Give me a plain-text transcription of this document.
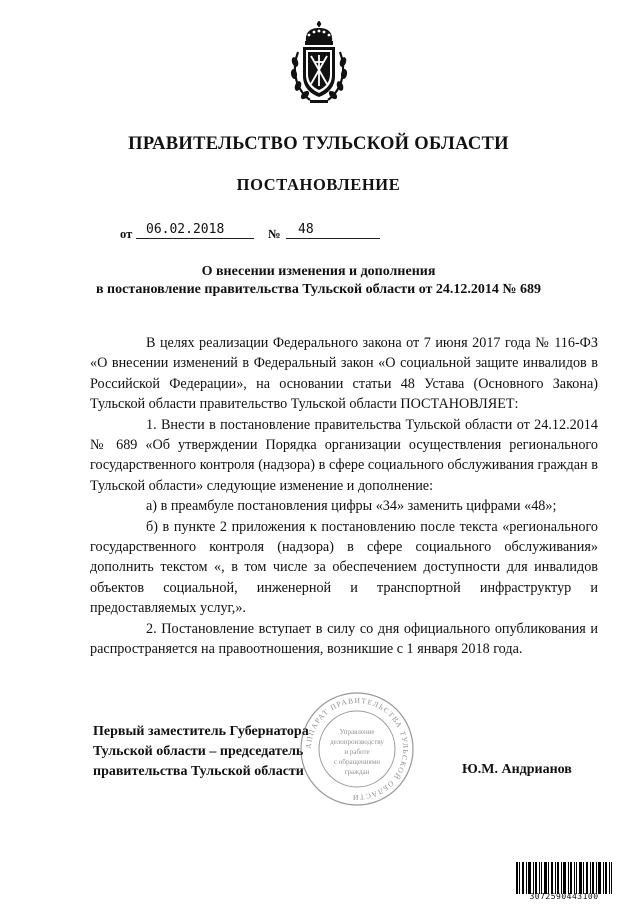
ПРАВИТЕЛЬСТВО ТУЛЬСКОЙ ОБЛАСТИ
ПОСТАНОВЛЕНИЕ
от 06.02.2018	№ 48
О внесении изменения и дополнения
в постановление правительства Тульской области от 24.12.2014 № 689

В целях реализации Федерального закона от 7 июня 2017 года № 116-ФЗ «О внесении изменений в Федеральный закон «О социальной защите инвалидов в Российской Федерации», на основании статьи 48 Устава (Основного Закона) Тульской области правительство Тульской области ПОСТАНОВЛЯЕТ:

1. Внести в постановление правительства Тульской области от 24.12.2014 № 689 «Об утверждении Порядка организации осуществления регионального государственного контроля (надзора) в сфере социального обслуживания граждан в Тульской области» следующие изменение и дополнение:

а) в преамбуле постановления цифры «34» заменить цифрами «48»;

б) в пункте 2 приложения к постановлению после текста «регионального государственного контроля (надзора) в сфере социального обслуживания» дополнить текстом «, в том числе за обеспечением доступности для инвалидов объектов социальной, инженерной и транспортной инфраструктур и предоставляемых услуг,».

2. Постановление вступает в силу со дня официального опубликования и распространяется на правоотношения, возникшие с 1 января 2018 года.

Первый заместитель Губернатора
Тульской области – председатель
правительства Тульской области	Ю.М. Андрианов
АППАРАТ ПРАВИТЕЛЬСТВА ТУЛЬСКОЙ ОБЛАСТИ
Управление
делопроизводству
и работе
с обращениями
граждан
3072590443100
